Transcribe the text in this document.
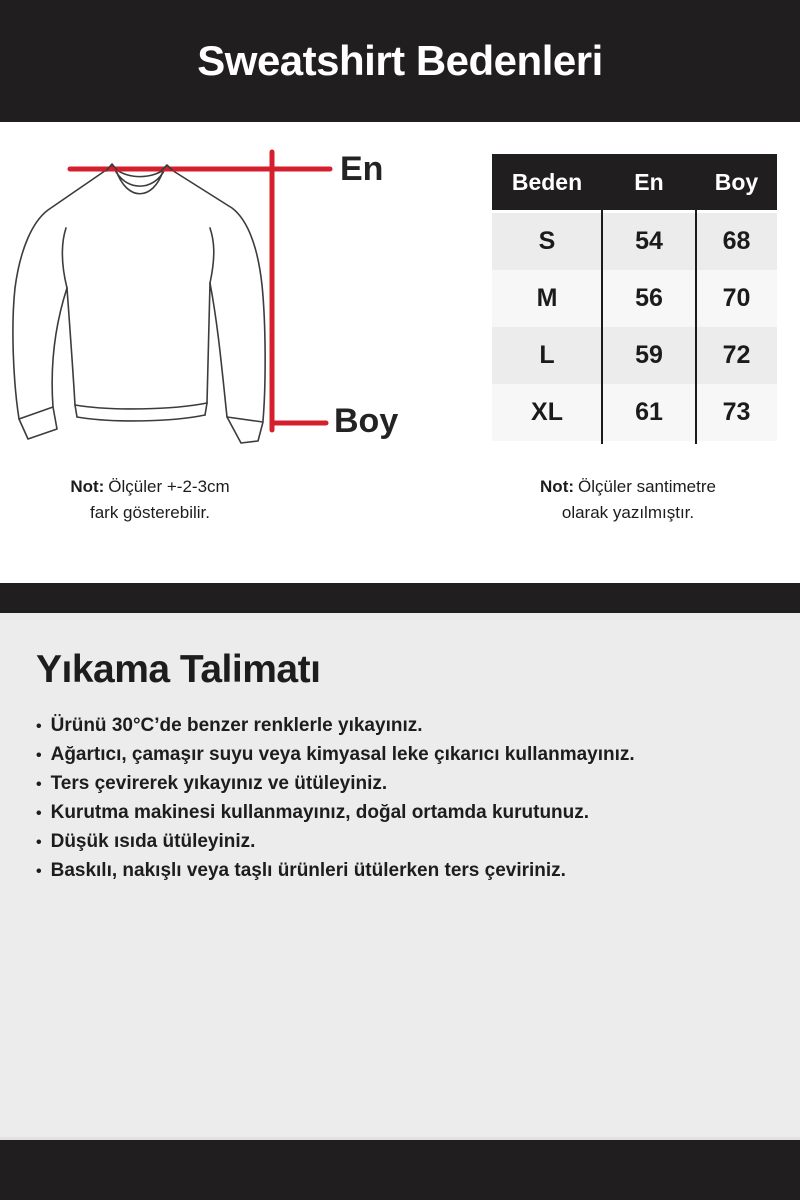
Sweatshirt Bedenleri
En
Boy
Not: Ölçüler +-2-3cm fark gösterebilir.
Beden	En	Boy
S	54	68
M	56	70
L	59	72
XL	61	73
Not: Ölçüler santimetre olarak yazılmıştır.
Yıkama Talimatı
• Ürünü 30°C’de benzer renklerle yıkayınız.
• Ağartıcı, çamaşır suyu veya kimyasal leke çıkarıcı kullanmayınız.
• Ters çevirerek yıkayınız ve ütüleyiniz.
• Kurutma makinesi kullanmayınız, doğal ortamda kurutunuz.
• Düşük ısıda ütüleyiniz.
• Baskılı, nakışlı veya taşlı ürünleri ütülerken ters çeviriniz.
